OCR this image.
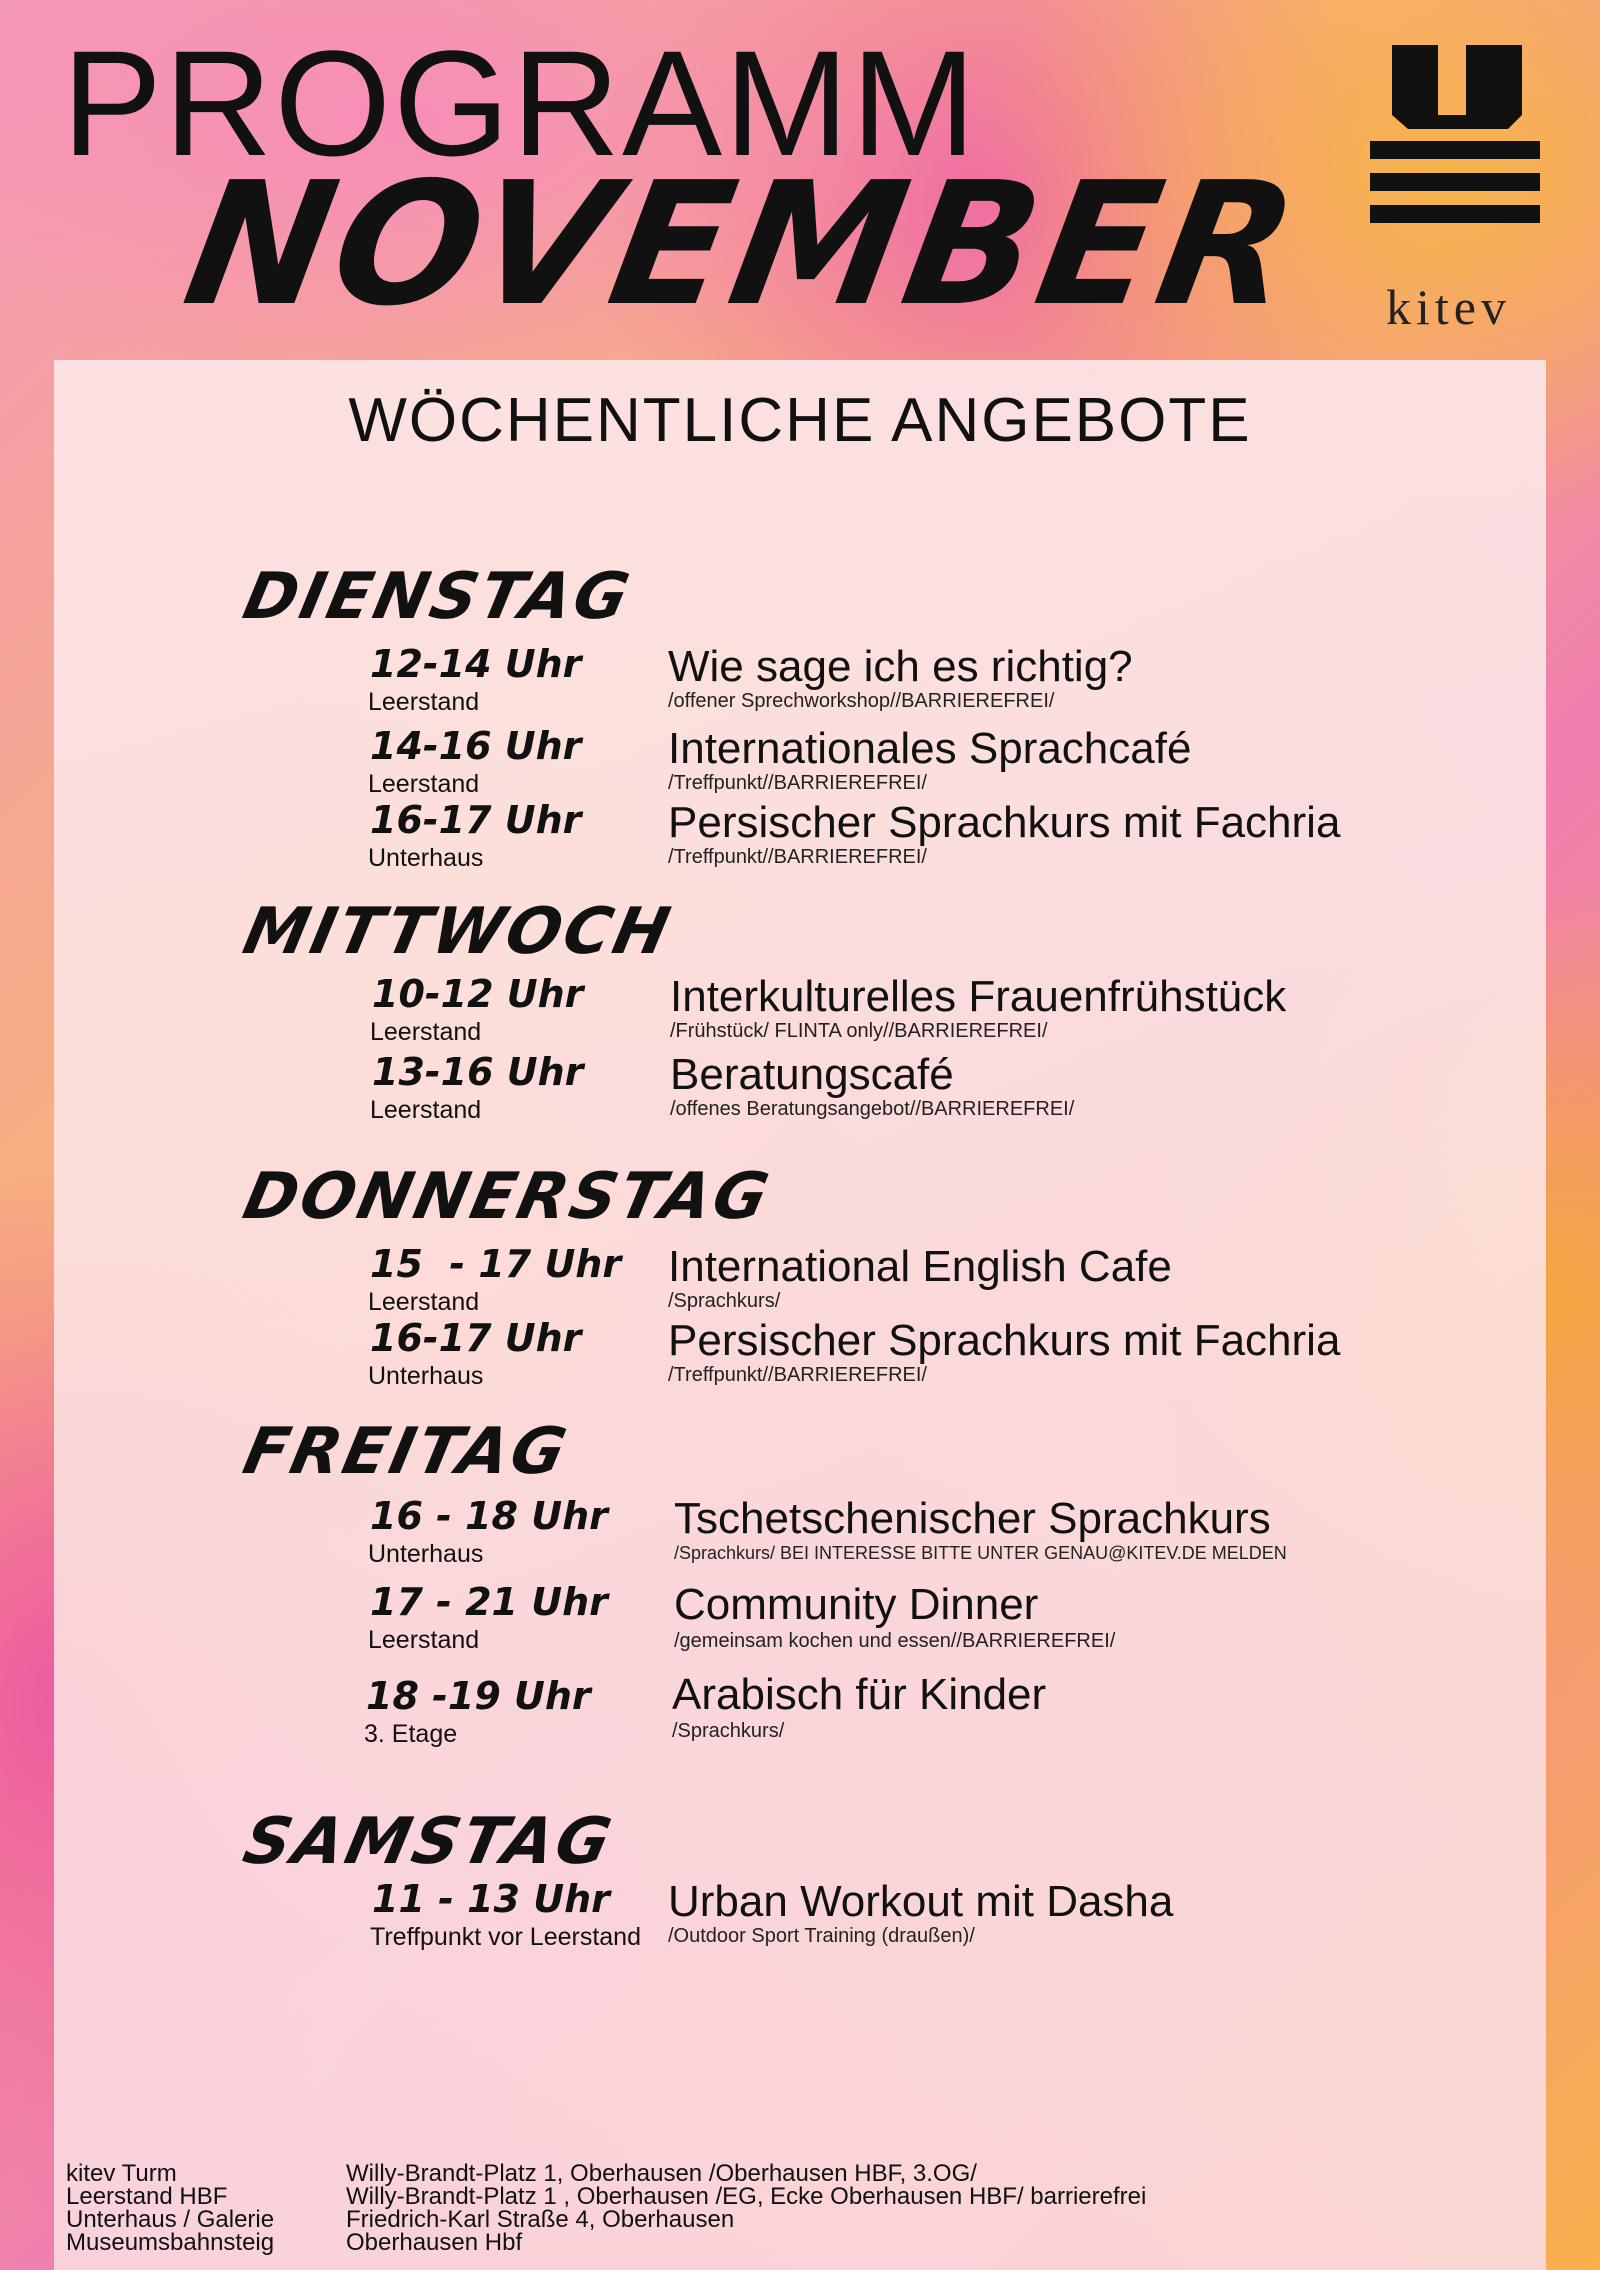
PROGRAMM
NOVEMBER kitev
WÖCHENTLICHE ANGEBOTE
DIENSTAG
12-14 Uhr
Leerstand
Wie sage ich es richtig?
/offener Sprechworkshop//BARRIEREFREI/
14-16 Uhr
Leerstand
Internationales Sprachcafé
/Treffpunkt//BARRIEREFREI/
16-17 Uhr
Unterhaus
Persischer Sprachkurs mit Fachria
/Treffpunkt//BARRIEREFREI/
MITTWOCH
10-12 Uhr
Leerstand
Interkulturelles Frauenfrühstück
/Frühstück/ FLINTA only//BARRIEREFREI/
13-16 Uhr
Leerstand
Beratungscafé
/offenes Beratungsangebot//BARRIEREFREI/
DONNERSTAG
15  - 17 Uhr
Leerstand
International English Cafe
/Sprachkurs/
16-17 Uhr
Unterhaus
Persischer Sprachkurs mit Fachria
/Treffpunkt//BARRIEREFREI/
FREITAG
16 - 18 Uhr
Unterhaus
Tschetschenischer Sprachkurs
/Sprachkurs/ BEI INTERESSE BITTE UNTER GENAU@KITEV.DE MELDEN
17 - 21 Uhr
Leerstand
Community Dinner
/gemeinsam kochen und essen//BARRIEREFREI/
18 -19 Uhr
3. Etage
Arabisch für Kinder
/Sprachkurs/
SAMSTAG
11 - 13 Uhr
Treffpunkt vor Leerstand
Urban Workout mit Dasha
/Outdoor Sport Training (draußen)/
kitev Turm	Willy-Brandt-Platz 1, Oberhausen /Oberhausen HBF, 3.OG/
Leerstand HBF	Willy-Brandt-Platz 1 , Oberhausen /EG, Ecke Oberhausen HBF/ barrierefrei
Unterhaus / Galerie	Friedrich-Karl Straße 4, Oberhausen
Museumsbahnsteig	Oberhausen Hbf
